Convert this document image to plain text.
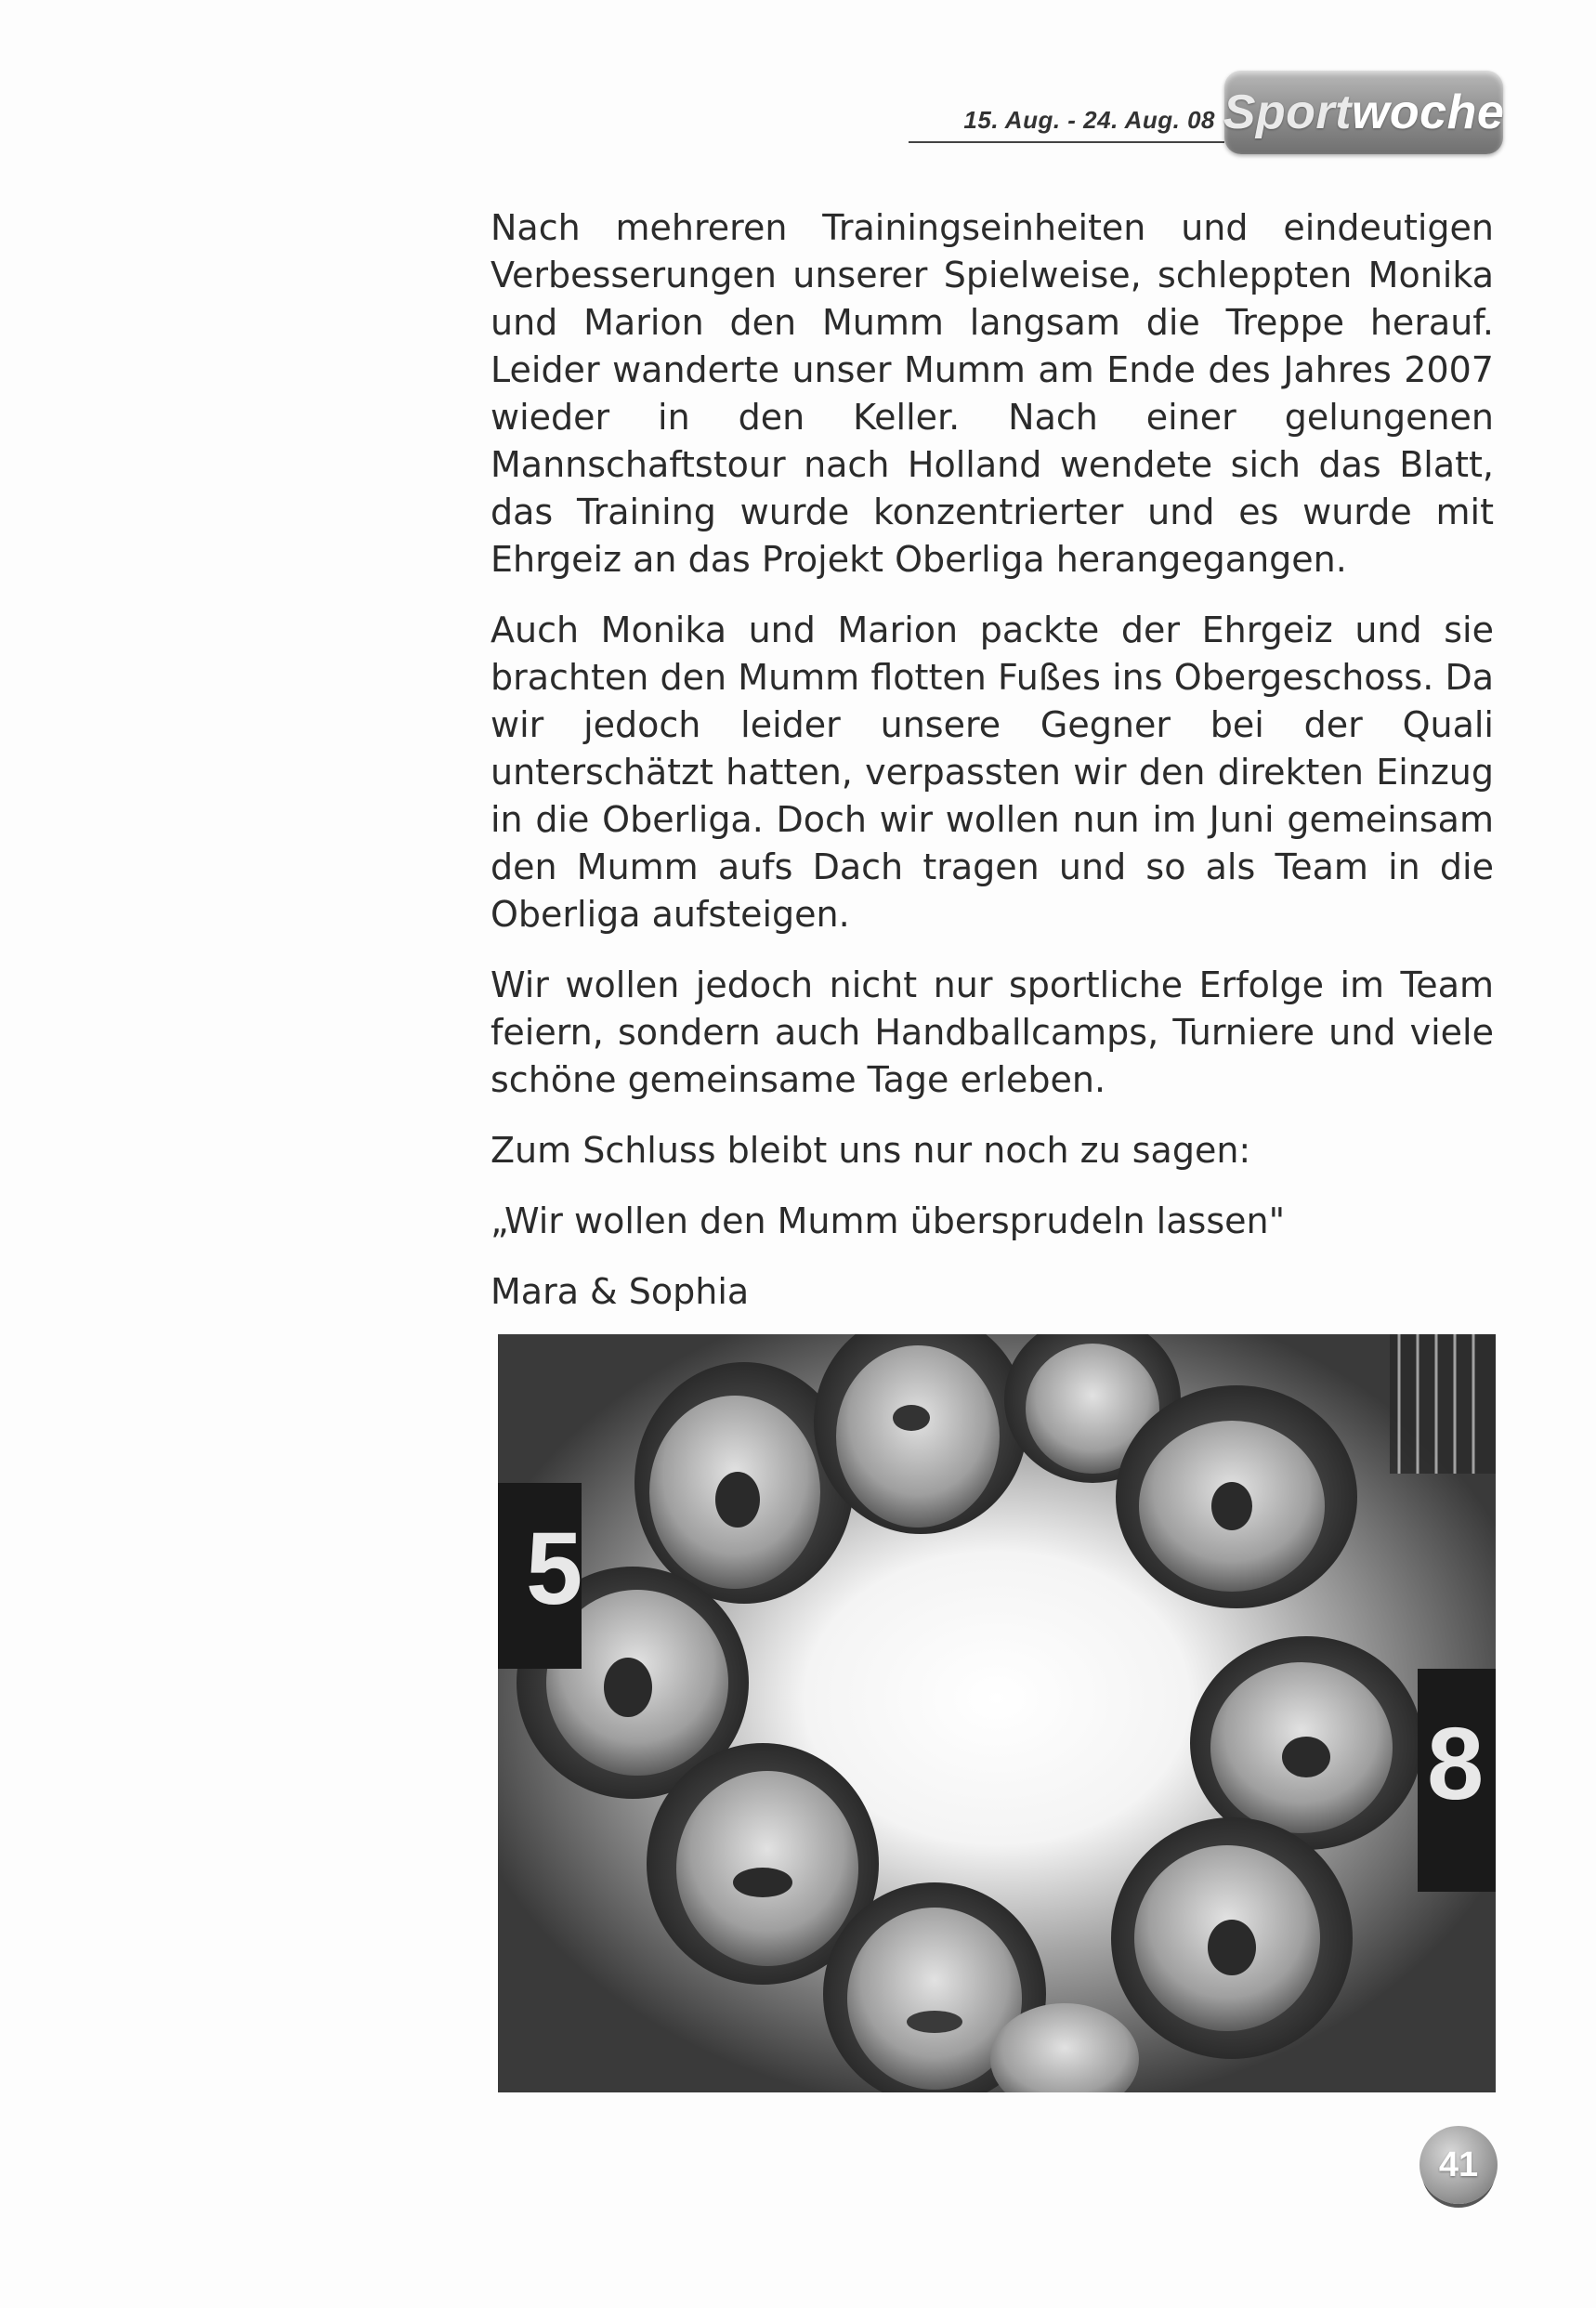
15. Aug. - 24. Aug. 08 Sport woche

Nach mehreren Trainingseinheiten und eindeutigen Verbesserungen unserer Spielweise, schleppten Monika und Marion den Mumm langsam die Treppe herauf. Leider wanderte unser Mumm am Ende des Jahres 2007 wieder in den Keller. Nach einer gelungenen Mannschaftstour nach Holland wendete sich das Blatt, das Training wurde konzentrierter und es wurde mit Ehrgeiz an das Projekt Oberliga herangegangen.

Auch Monika und Marion packte der Ehrgeiz und sie brachten den Mumm flotten Fußes ins Obergeschoss. Da wir jedoch leider unsere Gegner bei der Quali unterschätzt hatten, verpassten wir den direkten Einzug in die Oberliga. Doch wir wollen nun im Juni gemeinsam den Mumm aufs Dach tragen und so als Team in die Oberliga aufsteigen.

Wir wollen jedoch nicht nur sportliche Erfolge im Team feiern, sondern auch Handballcamps, Turniere und viele schöne gemeinsame Tage erleben.

Zum Schluss bleibt uns nur noch zu sagen:

„Wir wollen den Mumm übersprudeln lassen"

Mara & Sophia

5
8
41
